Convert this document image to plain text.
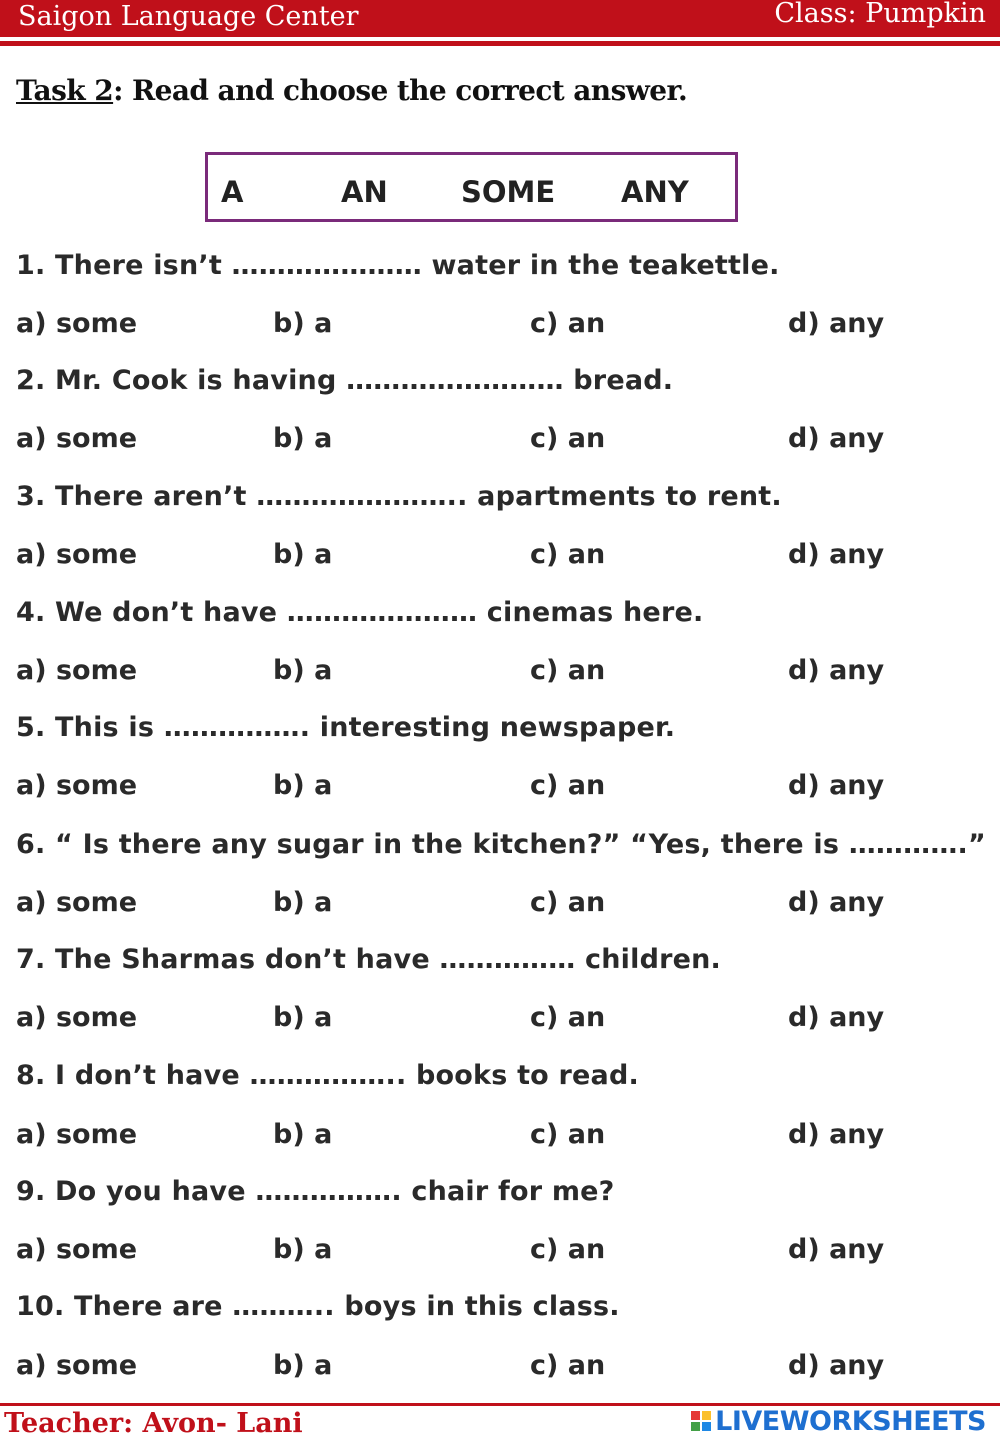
Saigon Language Center	Class: Pumpkin
Task 2: Read and choose the correct answer.
A	AN	SOME ANY
1. There isn’t ………………… water in the teakettle.
a) some	b) a	c) an	d) any
2. Mr. Cook is having …………………… bread.
a) some	b) a	c) an	d) any
3. There aren’t ………………….. apartments to rent.
a) some	b) a	c) an	d) any
4. We don’t have ………………… cinemas here.
a) some	b) a	c) an	d) any
5. This is ……………. interesting newspaper.
a) some	b) a	c) an	d) any
6. “ Is there any sugar in the kitchen?” “Yes, there is ………….”
a) some	b) a	c) an	d) any
7. The Sharmas don’t have …………… children.
a) some	b) a	c) an	d) any
8. I don’t have …………….. books to read.
a) some	b) a	c) an	d) any
9. Do you have ……………. chair for me?
a) some	b) a	c) an	d) any
10. There are ……….. boys in this class.
a) some	b) a	c) an	d) any
Teacher: Avon- Lani	LIVEWORKSHEETS
